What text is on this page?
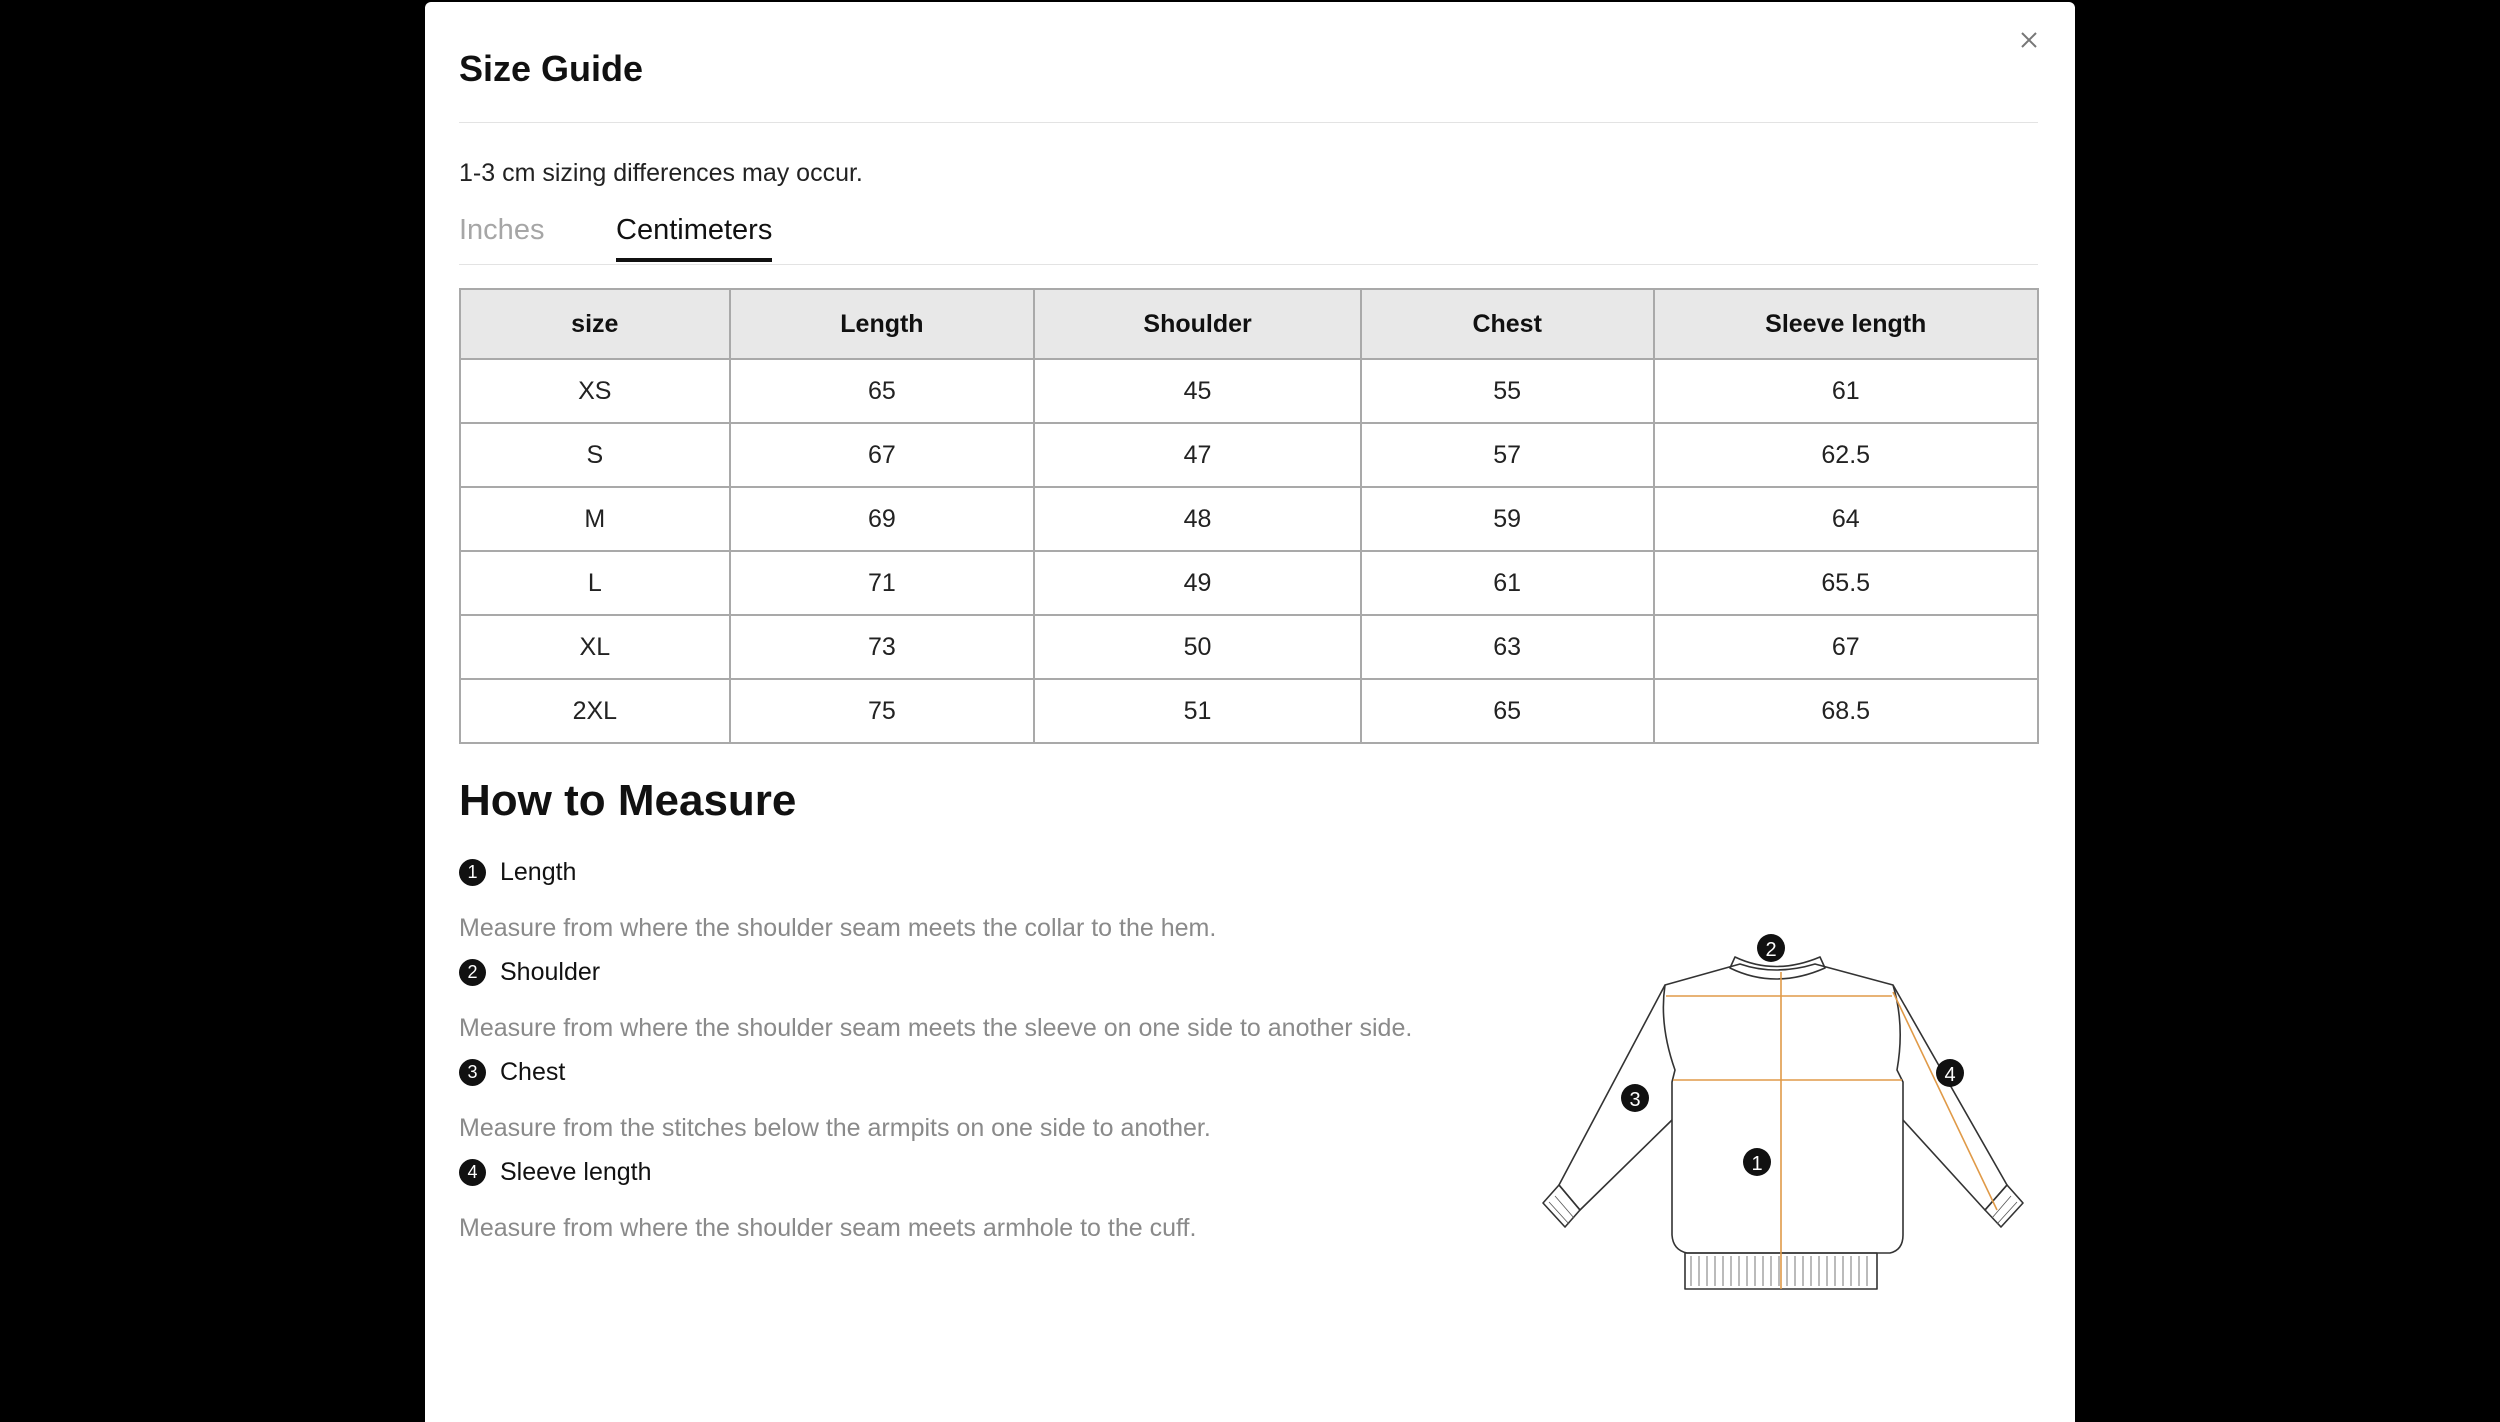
Size Guide
1-3 cm sizing differences may occur.
Inches Centimeters
size	Length	Shoulder	Chest	Sleeve length
XS	65	45	55	61
S	67	47	57	62.5
M	69	48	59	64
L	71	49	61	65.5
XL	73	50	63	67
2XL	75	51	65	68.5
How to Measure
1 Length
Measure from where the shoulder seam meets the collar to the hem.
2 Shoulder
Measure from where the shoulder seam meets the sleeve on one side to another side.
3 Chest
Measure from the stitches below the armpits on one side to another.
4 Sleeve length
Measure from where the shoulder seam meets armhole to the cuff.
1
2
3
4
